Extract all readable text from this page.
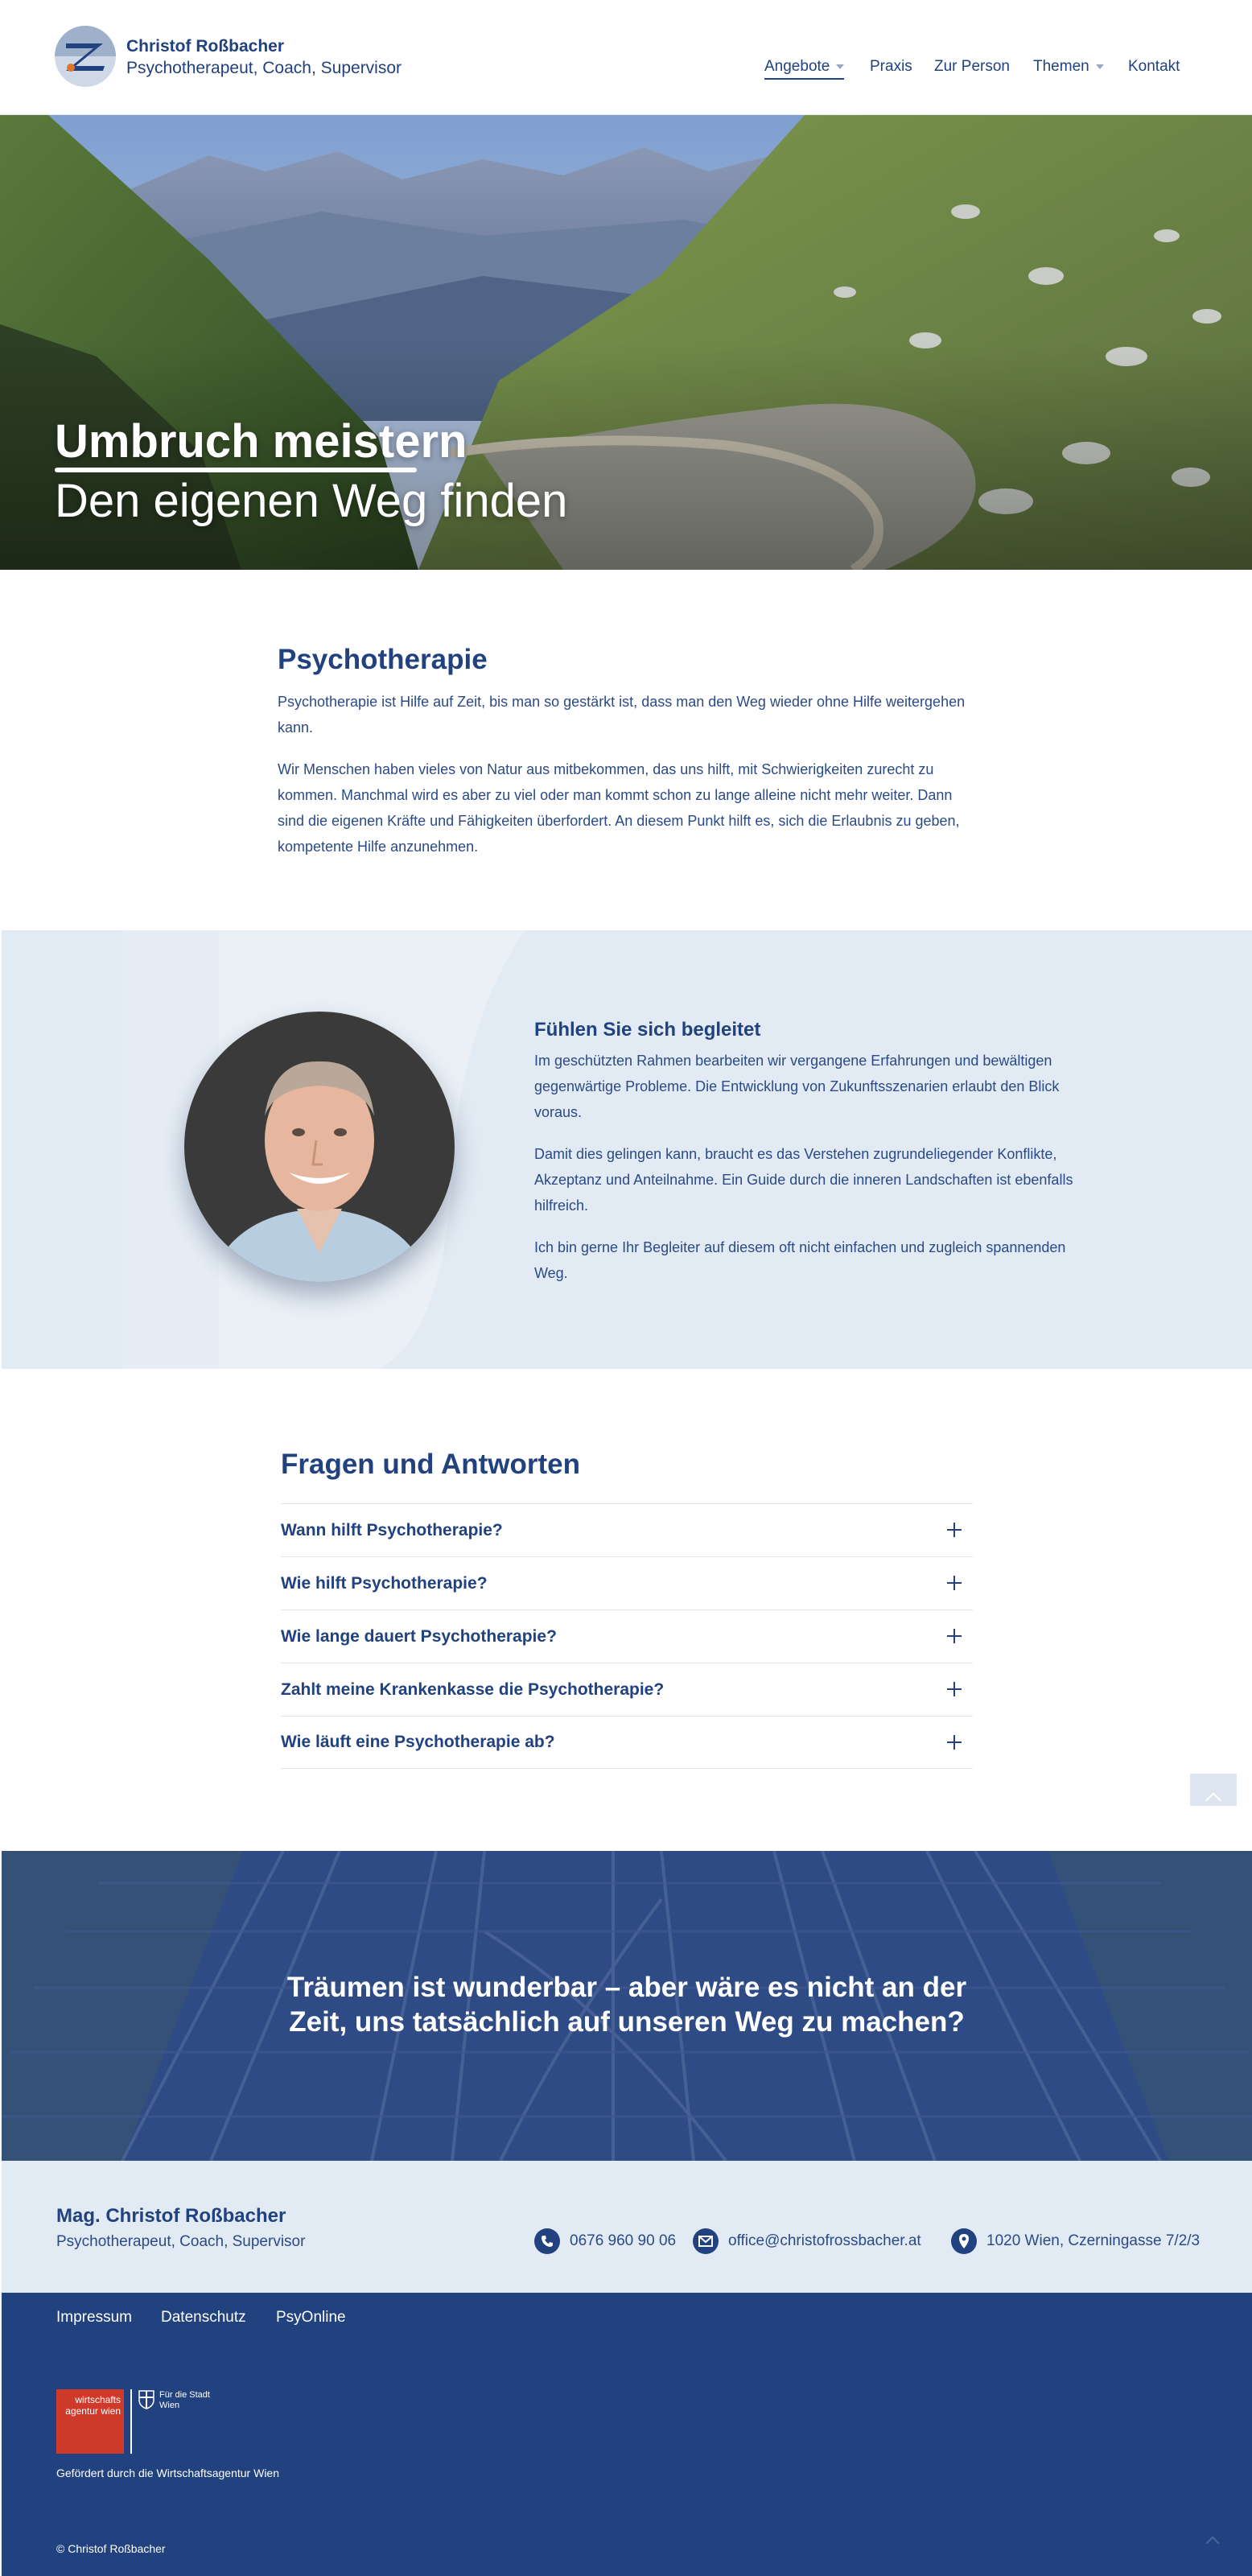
Christof Roßbacher
Psychotherapeut, Coach, Supervisor	Angebote	Praxis Zur Person Themen	Kontakt
Umbruch meistern
Den eigenen Weg finden
Psychotherapie

Psychotherapie ist Hilfe auf Zeit, bis man so gestärkt ist, dass man den Weg wieder ohne Hilfe weitergehen kann.

Wir Menschen haben vieles von Natur aus mitbekommen, das uns hilft, mit Schwierigkeiten zurecht zu kommen. Manchmal wird es aber zu viel oder man kommt schon zu lange alleine nicht mehr weiter. Dann sind die eigenen Kräfte und Fähigkeiten überfordert. An diesem Punkt hilft es, sich die Erlaubnis zu geben, kompetente Hilfe anzunehmen.

Fühlen Sie sich begleitet

Im geschützten Rahmen bearbeiten wir vergangene Erfahrungen und bewältigen gegenwärtige Probleme. Die Entwicklung von Zukunftsszenarien erlaubt den Blick voraus.

Damit dies gelingen kann, braucht es das Verstehen zugrundeliegender Konflikte, Akzeptanz und Anteilnahme. Ein Guide durch die inneren Landschaften ist ebenfalls hilfreich.

Ich bin gerne Ihr Begleiter auf diesem oft nicht einfachen und zugleich spannenden Weg.

Fragen und Antworten
Wann hilft Psychotherapie?
Wie hilft Psychotherapie?
Wie lange dauert Psychotherapie?
Zahlt meine Krankenkasse die Psychotherapie?
Wie läuft eine Psychotherapie ab?
Träumen ist wunderbar – aber wäre es nicht an der
Zeit, uns tatsächlich auf unseren Weg zu machen?
Mag. Christof Roßbacher
Psychotherapeut, Coach, Supervisor	0676 960 90 06	office@christofrossbacher.at	1020 Wien, Czerningasse 7/2/3
Impressum Datenschutz PsyOnline
wirtschafts agentur wien
Für die Stadt Wien
Gefördert durch die Wirtschaftsagentur Wien
© Christof Roßbacher
